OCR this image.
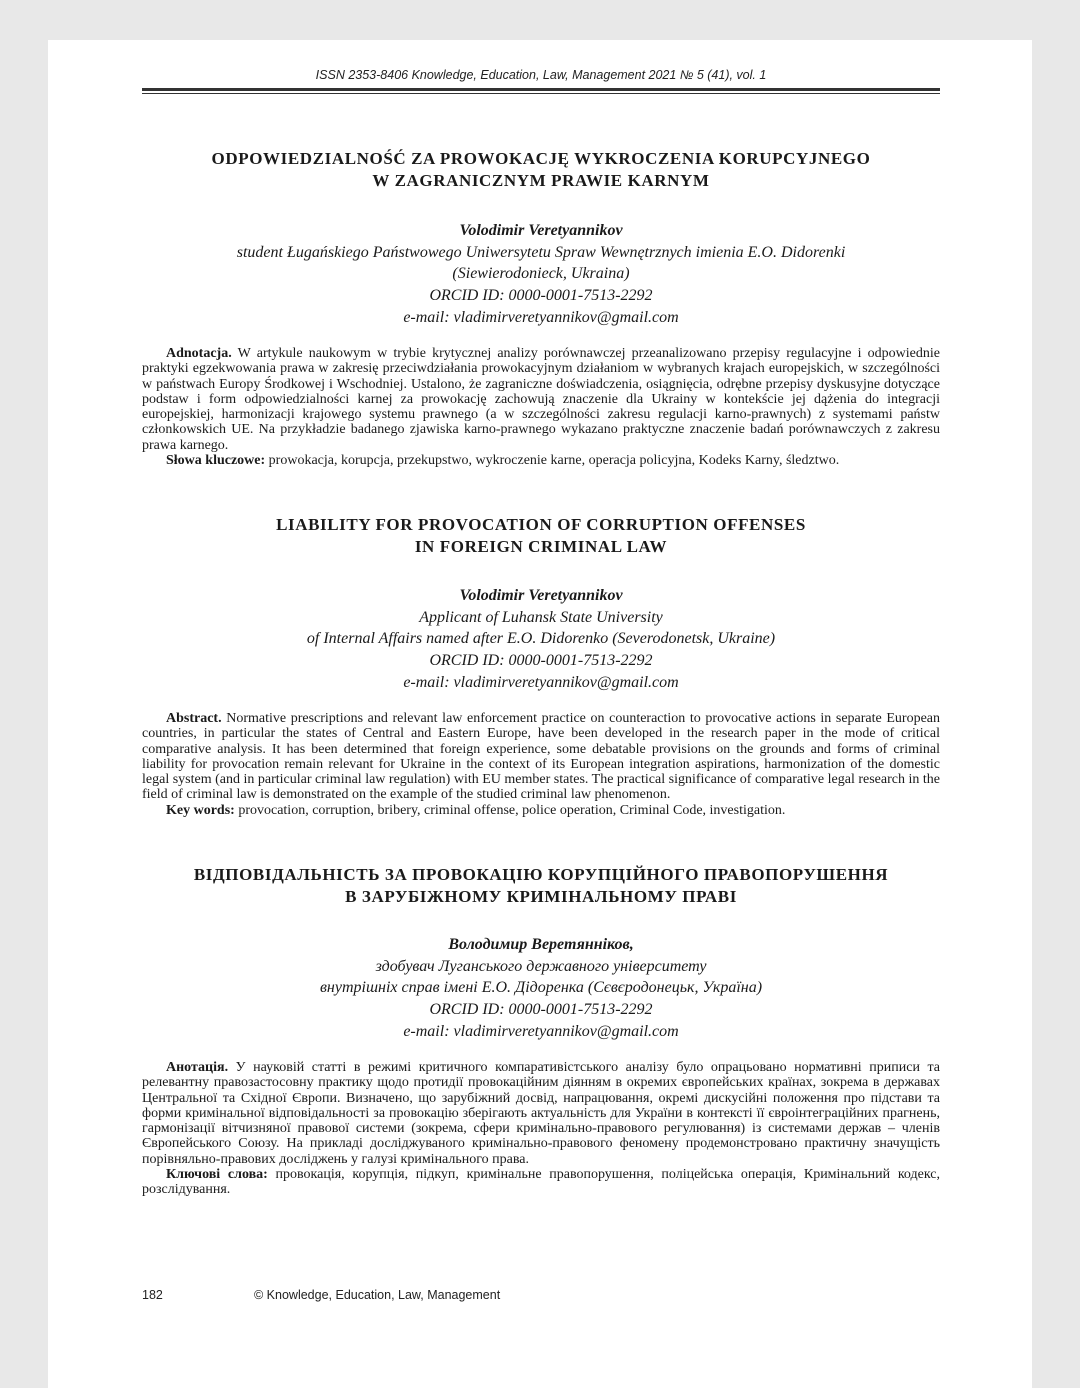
ISSN 2353-8406 Knowledge, Education, Law, Management 2021 № 5 (41), vol. 1

ODPOWIEDZIALNOŚĆ ZA PROWOKACJĘ WYKROCZENIA KORUPCYJNEGO

W ZAGRANICZNYM PRAWIE KARNYM

Volodimir Veretyannikov
student Ługańskiego Państwowego Uniwersytetu Spraw Wewnętrznych imienia E.O. Didorenki
(Siewierodonieck, Ukraina)
ORCID ID: 0000-0001-7513-2292
e-mail: vladimirveretyannikov@gmail.com

Adnotacja. W artykule naukowym w trybie krytycznej analizy porównawczej przeanalizowano przepisy regulacyjne i odpowiednie praktyki egzekwowania prawa w zakresię przeciwdziałania prowokacyjnym działaniom w wybranych krajach europejskich, w szczególności w państwach Europy Środkowej i Wschodniej. Ustalono, że zagraniczne doświadczenia, osiągnięcia, odrębne przepisy dyskusyjne dotyczące podstaw i form odpowiedzialności karnej za prowokację zachowują znaczenie dla Ukrainy w kontekście jej dążenia do integracji europejskiej, harmonizacji krajowego systemu prawnego (a w szczególności zakresu regulacji karno-prawnych) z systemami państw członkowskich UE. Na przykładzie badanego zjawiska karno-prawnego wykazano praktyczne znaczenie badań porównawczych z zakresu prawa karnego.

Słowa kluczowe: prowokacja, korupcja, przekupstwo, wykroczenie karne, operacja policyjna, Kodeks Karny, śledztwo.

LIABILITY FOR PROVOCATION OF CORRUPTION OFFENSES

IN FOREIGN CRIMINAL LAW

Volodimir Veretyannikov
Applicant of Luhansk State University
of Internal Affairs named after E.O. Didorenko (Severodonetsk, Ukraine)
ORCID ID: 0000-0001-7513-2292
e-mail: vladimirveretyannikov@gmail.com

Abstract. Normative prescriptions and relevant law enforcement practice on counteraction to provocative actions in separate European countries, in particular the states of Central and Eastern Europe, have been developed in the research paper in the mode of critical comparative analysis. It has been determined that foreign experience, some debatable provisions on the grounds and forms of criminal liability for provocation remain relevant for Ukraine in the context of its European integration aspirations, harmonization of the domestic legal system (and in particular criminal law regulation) with EU member states. The practical significance of comparative legal research in the field of criminal law is demonstrated on the example of the studied criminal law phenomenon.

Key words: provocation, corruption, bribery, criminal offense, police operation, Criminal Code, investigation.

ВІДПОВІДАЛЬНІСТЬ ЗА ПРОВОКАЦІЮ КОРУПЦІЙНОГО ПРАВОПОРУШЕННЯ

В ЗАРУБІЖНОМУ КРИМІНАЛЬНОМУ ПРАВІ

Володимир Веретяннiков,
здобувач Луганського державного університету
внутрішніх справ імені Е.О. Дідоренка (Сєвєродонецьк, Україна)
ORCID ID: 0000-0001-7513-2292
e-mail: vladimirveretyannikov@gmail.com

Анотація. У науковій статті в режимі критичного компаративістського аналізу було опрацьовано нормативні приписи та релевантну правозастосовну практику щодо протидії провокаційним діянням в окремих європейських країнах, зокрема в державах Центральної та Східної Європи. Визначено, що зарубіжний досвід, напрацювання, окремі дискусійні положення про підстави та форми кримінальної відповідальності за провокацію зберігають актуальність для України в контексті її євроінтеграційних прагнень, гармонізації вітчизняної правової системи (зокрема, сфери кримінально-правового регулювання) із системами держав – членів Європейського Союзу. На прикладі досліджуваного кримінально-правового феномену продемонстровано практичну значущість порівняльно-правових досліджень у галузі кримінального права.

Ключові слова: провокація, корупція, підкуп, кримінальне правопорушення, поліцейська операція, Кримінальний кодекс, розслідування.

182	© Knowledge, Education, Law, Management
